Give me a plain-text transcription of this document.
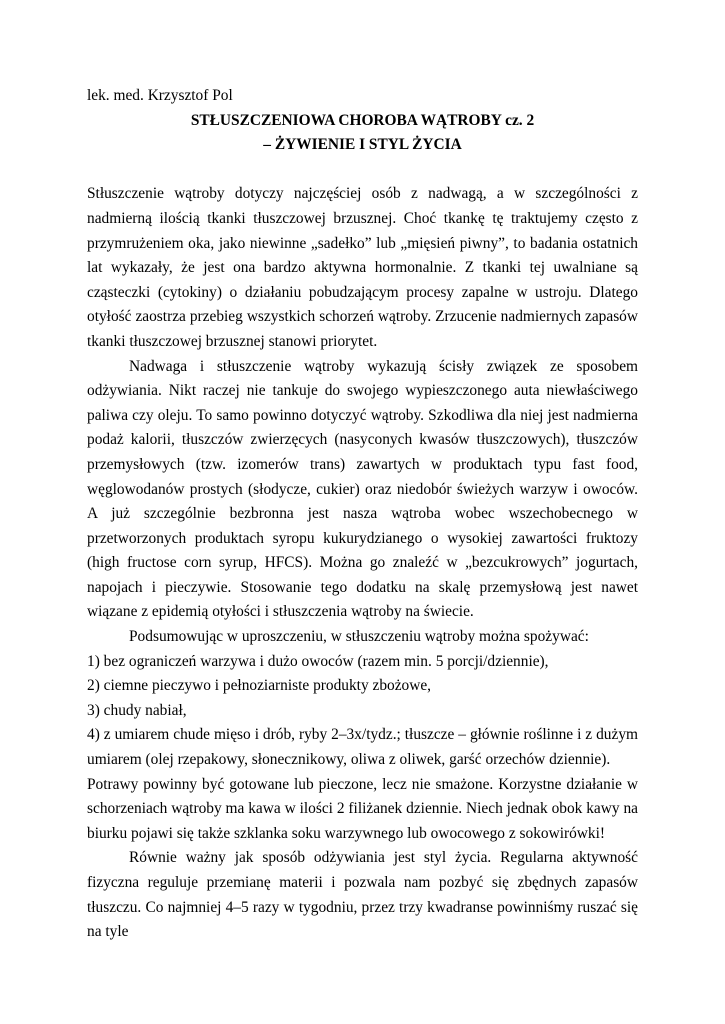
lek. med. Krzysztof Pol

STŁUSZCZENIOWA CHOROBA WĄTROBY cz. 2

– ŻYWIENIE I STYL ŻYCIA

Stłuszczenie wątroby dotyczy najczęściej osób z nadwagą, a w szczególności z nadmierną ilością tkanki tłuszczowej brzusznej. Choć tkankę tę traktujemy często z przymrużeniem oka, jako niewinne „sadełko” lub „mięsień piwny”, to badania ostatnich lat wykazały, że jest ona bardzo aktywna hormonalnie. Z tkanki tej uwalniane są cząsteczki (cytokiny) o działaniu pobudzającym procesy zapalne w ustroju. Dlatego otyłość zaostrza przebieg wszystkich schorzeń wątroby. Zrzucenie nadmiernych zapasów tkanki tłuszczowej brzusznej stanowi priorytet.

Nadwaga i stłuszczenie wątroby wykazują ścisły związek ze sposobem odżywiania. Nikt raczej nie tankuje do swojego wypieszczonego auta niewłaściwego paliwa czy oleju. To samo powinno dotyczyć wątroby. Szkodliwa dla niej jest nadmierna podaż kalorii, tłuszczów zwierzęcych (nasyconych kwasów tłuszczowych), tłuszczów przemysłowych (tzw. izomerów trans) zawartych w produktach typu fast food, węglowodanów prostych (słodycze, cukier) oraz niedobór świeżych warzyw i owoców. A już szczególnie bezbronna jest nasza wątroba wobec wszechobecnego w przetworzonych produktach syropu kukurydzianego o wysokiej zawartości fruktozy (high fructose corn syrup, HFCS). Można go znaleźć w „bezcukrowych” jogurtach, napojach i pieczywie. Stosowanie tego dodatku na skalę przemysłową jest nawet wiązane z epidemią otyłości i stłuszczenia wątroby na świecie.

Podsumowując w uproszczeniu, w stłuszczeniu wątroby można spożywać:

1) bez ograniczeń warzywa i dużo owoców (razem min. 5 porcji/dziennie),

2) ciemne pieczywo i pełnoziarniste produkty zbożowe,

3) chudy nabiał,

4) z umiarem chude mięso i drób, ryby 2–3x/tydz.; tłuszcze – głównie roślinne i z dużym umiarem (olej rzepakowy, słonecznikowy, oliwa z oliwek, garść orzechów dziennie).

Potrawy powinny być gotowane lub pieczone, lecz nie smażone. Korzystne działanie w schorzeniach wątroby ma kawa w ilości 2 filiżanek dziennie. Niech jednak obok kawy na biurku pojawi się także szklanka soku warzywnego lub owocowego z sokowirówki!

Równie ważny jak sposób odżywiania jest styl życia. Regularna aktywność fizyczna reguluje przemianę materii i pozwala nam pozbyć się zbędnych zapasów tłuszczu. Co najmniej 4–5 razy w tygodniu, przez trzy kwadranse powinniśmy ruszać się na tyle
